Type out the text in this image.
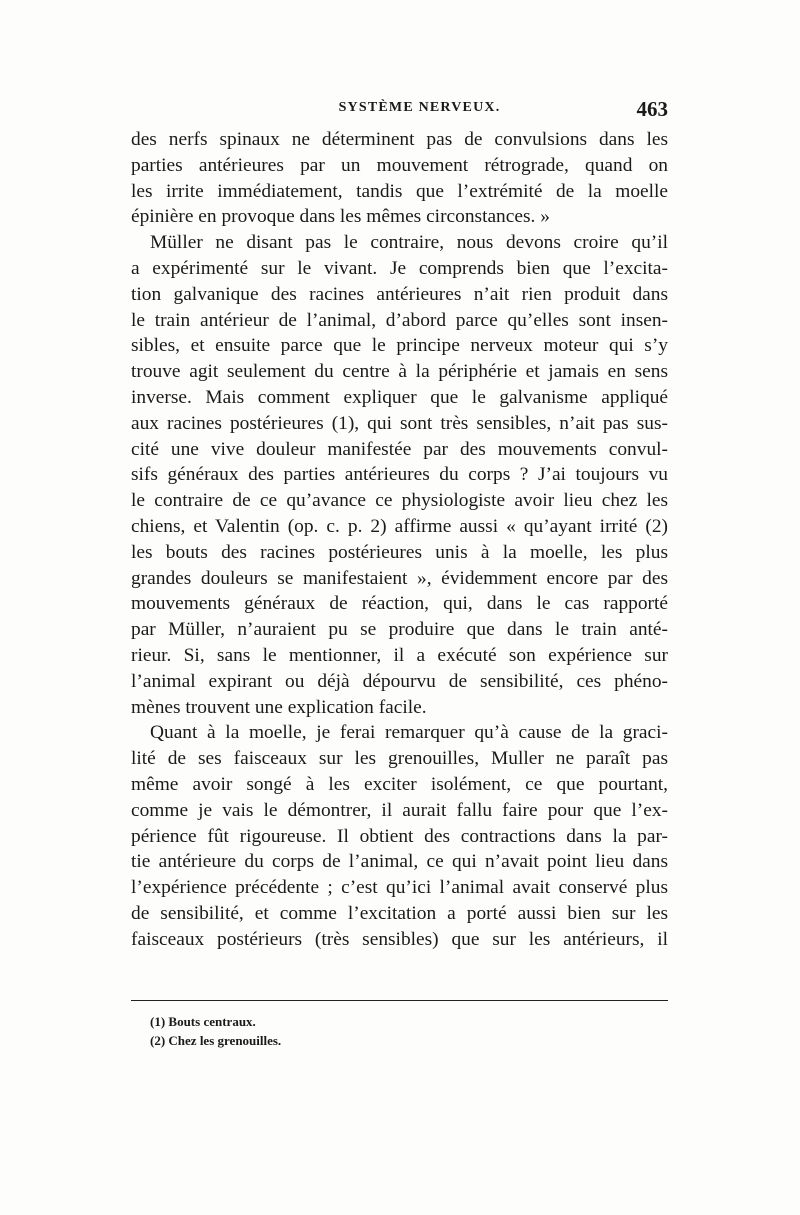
SYSTÈME NERVEUX.	463
des nerfs spinaux ne déterminent pas de convulsions dans les
parties antérieures par un mouvement rétrograde, quand on
les irrite immédiatement, tandis que l’extrémité de la moelle
épinière en provoque dans les mêmes circonstances. »
Müller ne disant pas le contraire, nous devons croire qu’il
a expérimenté sur le vivant. Je comprends bien que l’excita-
tion galvanique des racines antérieures n’ait rien produit dans
le train antérieur de l’animal, d’abord parce qu’elles sont insen-
sibles, et ensuite parce que le principe nerveux moteur qui s’y
trouve agit seulement du centre à la périphérie et jamais en sens
inverse. Mais comment expliquer que le galvanisme appliqué
aux racines postérieures (1), qui sont très sensibles, n’ait pas sus-
cité une vive douleur manifestée par des mouvements convul-
sifs généraux des parties antérieures du corps ? J’ai toujours vu
le contraire de ce qu’avance ce physiologiste avoir lieu chez les
chiens, et Valentin (op. c. p. 2) affirme aussi « qu’ayant irrité (2)
les bouts des racines postérieures unis à la moelle, les plus
grandes douleurs se manifestaient », évidemment encore par des
mouvements généraux de réaction, qui, dans le cas rapporté
par Müller, n’auraient pu se produire que dans le train anté-
rieur. Si, sans le mentionner, il a exécuté son expérience sur
l’animal expirant ou déjà dépourvu de sensibilité, ces phéno-
mènes trouvent une explication facile.
Quant à la moelle, je ferai remarquer qu’à cause de la graci-
lité de ses faisceaux sur les grenouilles, Muller ne paraît pas
même avoir songé à les exciter isolément, ce que pourtant,
comme je vais le démontrer, il aurait fallu faire pour que l’ex-
périence fût rigoureuse. Il obtient des contractions dans la par-
tie antérieure du corps de l’animal, ce qui n’avait point lieu dans
l’expérience précédente ; c’est qu’ici l’animal avait conservé plus
de sensibilité, et comme l’excitation a porté aussi bien sur les
faisceaux postérieurs (très sensibles) que sur les antérieurs, il
(1) Bouts centraux.
(2) Chez les grenouilles.
